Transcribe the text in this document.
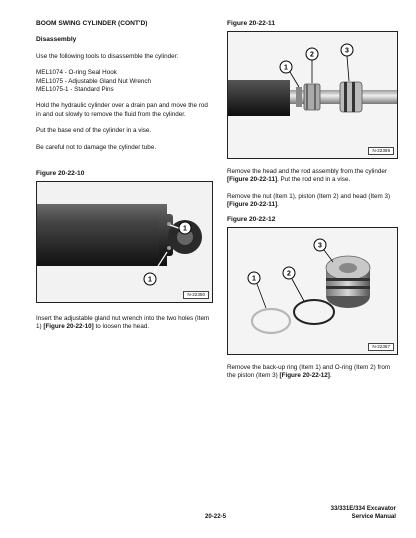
BOOM SWING CYLINDER (CONT'D)

Disassembly

Use the following tools to disassemble the cylinder:

MEL1074 - O-ring Seal Hook

MEL1075 - Adjustable Gland Nut Wrench

MEL1075-1 - Standard Pins

Hold the hydraulic cylinder over a drain pan and move the rod in and out slowly to remove the fluid from the cylinder.

Put the base end of the cylinder in a vise.

Be careful not to damage the cylinder tube.

Figure 20-22-10
1
1
N-22350
Insert the adjustable gland nut wrench into the two holes (Item 1) [Figure 20-22-10] to loosen the head.
Figure 20-22-11
1
2
3
N-22369
Remove the head and the rod assembly from the cylinder [Figure 20-22-11]. Put the rod end in a vise.
Remove the nut (Item 1), piston (Item 2) and head (Item 3) [Figure 20-22-11].
Figure 20-22-12
1
2
3
N-22367
Remove the back-up ring (Item 1) and O-ring (Item 2) from the piston (Item 3) [Figure 20-22-12].
20-22-5
33/331E/334 Excavator
Service Manual
